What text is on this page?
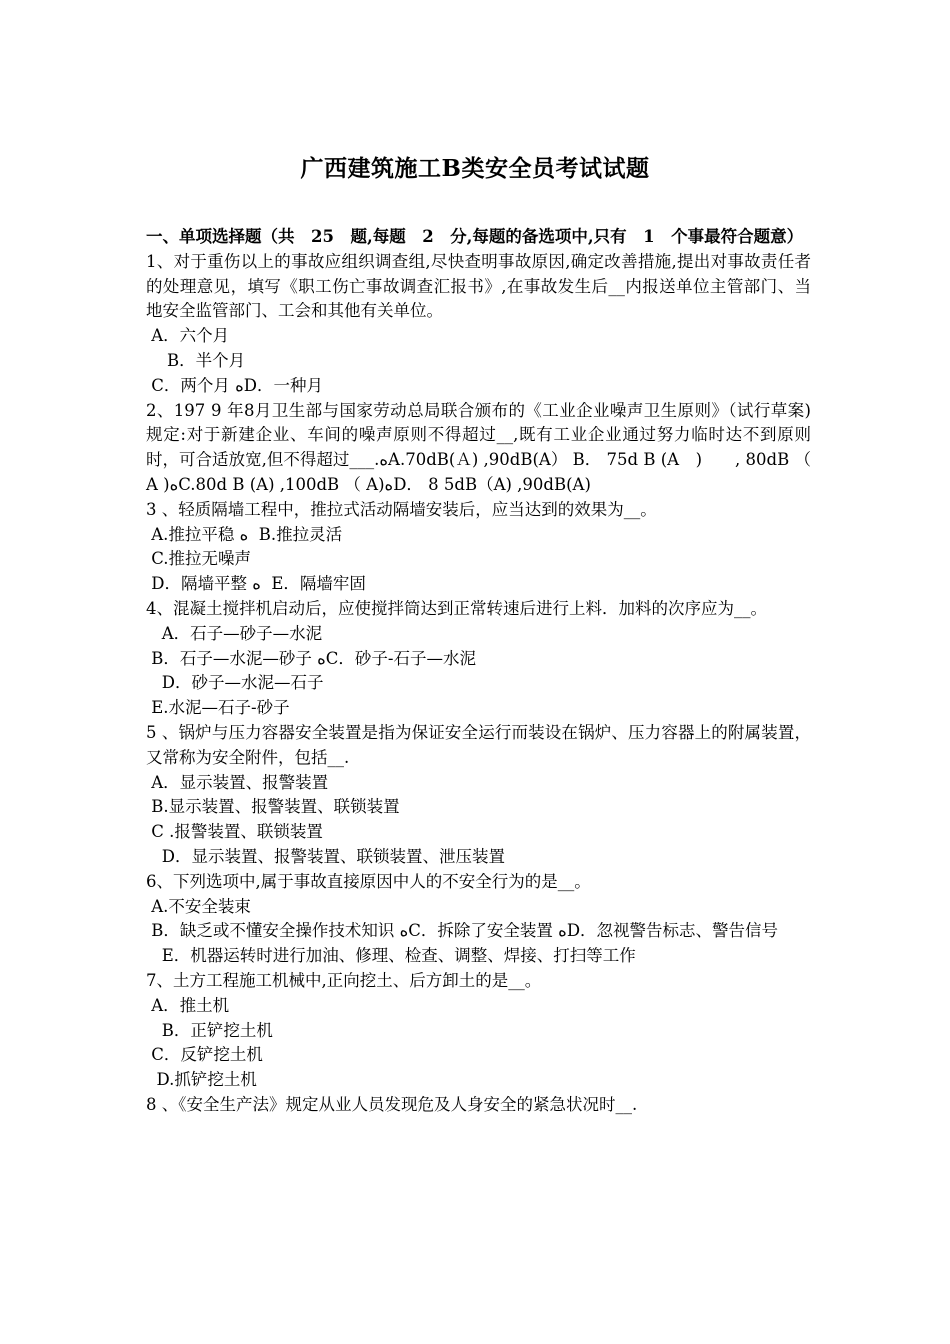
广西建筑施工B类安全员考试试题
一、单项选择题（共　25　题,每题　2　分,每题的备选项中,只有　1　个事最符合题意）
1、对于重伤以上的事故应组织调查组,尽快查明事故原因,确定改善措施,提出对事故责任者的处理意见，填写《职工伤亡事故调查汇报书》,在事故发生后__内报送单位主管部门、当地安全监管部门、工会和其他有关单位。
A．六个月
B．半个月
C．两个月 ﻩD．一种月
2、197 9 年8月卫生部与国家劳动总局联合颁布的《工业企业噪声卫生原则》（试行草案)规定:对于新建企业、车间的噪声原则不得超过__,既有工业企业通过努力临时达不到原则时，可合适放宽,但不得超过___.ﻩA.70dB(Ａ) ,90dB(A） B． 75d B (A　)　　, 80dB （ A )ﻩC.80d B (A) ,100dB （ A)ﻩD． 8 5dB（A) ,90dB(A)
3 、轻质隔墙工程中，推拉式活动隔墙安装后，应当达到的效果为__。
A.推拉平稳 ﻩ  B.推拉灵活
C.推拉无噪声
D．隔墙平整 ﻩ  E．隔墙牢固
4、混凝土搅拌机启动后，应使搅拌筒达到正常转速后进行上料．加料的次序应为__。
A．石子—砂子—水泥
B．石子—水泥—砂子 ﻩC．砂子-石子—水泥
D．砂子—水泥—石子
E.水泥—石子-砂子
5 、锅炉与压力容器安全装置是指为保证安全运行而装设在锅炉、压力容器上的附属装置，又常称为安全附件，包括__.
A．显示装置、报警装置
B.显示装置、报警装置、联锁装置
C .报警装置、联锁装置
D．显示装置、报警装置、联锁装置、泄压装置
6、下列选项中,属于事故直接原因中人的不安全行为的是__。
A.不安全装束
B．缺乏或不懂安全操作技术知识 ﻩC．拆除了安全装置 ﻩD．忽视警告标志、警告信号
E．机器运转时进行加油、修理、检查、调整、焊接、打扫等工作
7、土方工程施工机械中,正向挖土、后方卸土的是__。
A．推土机
B．正铲挖土机
C．反铲挖土机
D.抓铲挖土机
8 、《安全生产法》规定从业人员发现危及人身安全的紧急状况时__.
